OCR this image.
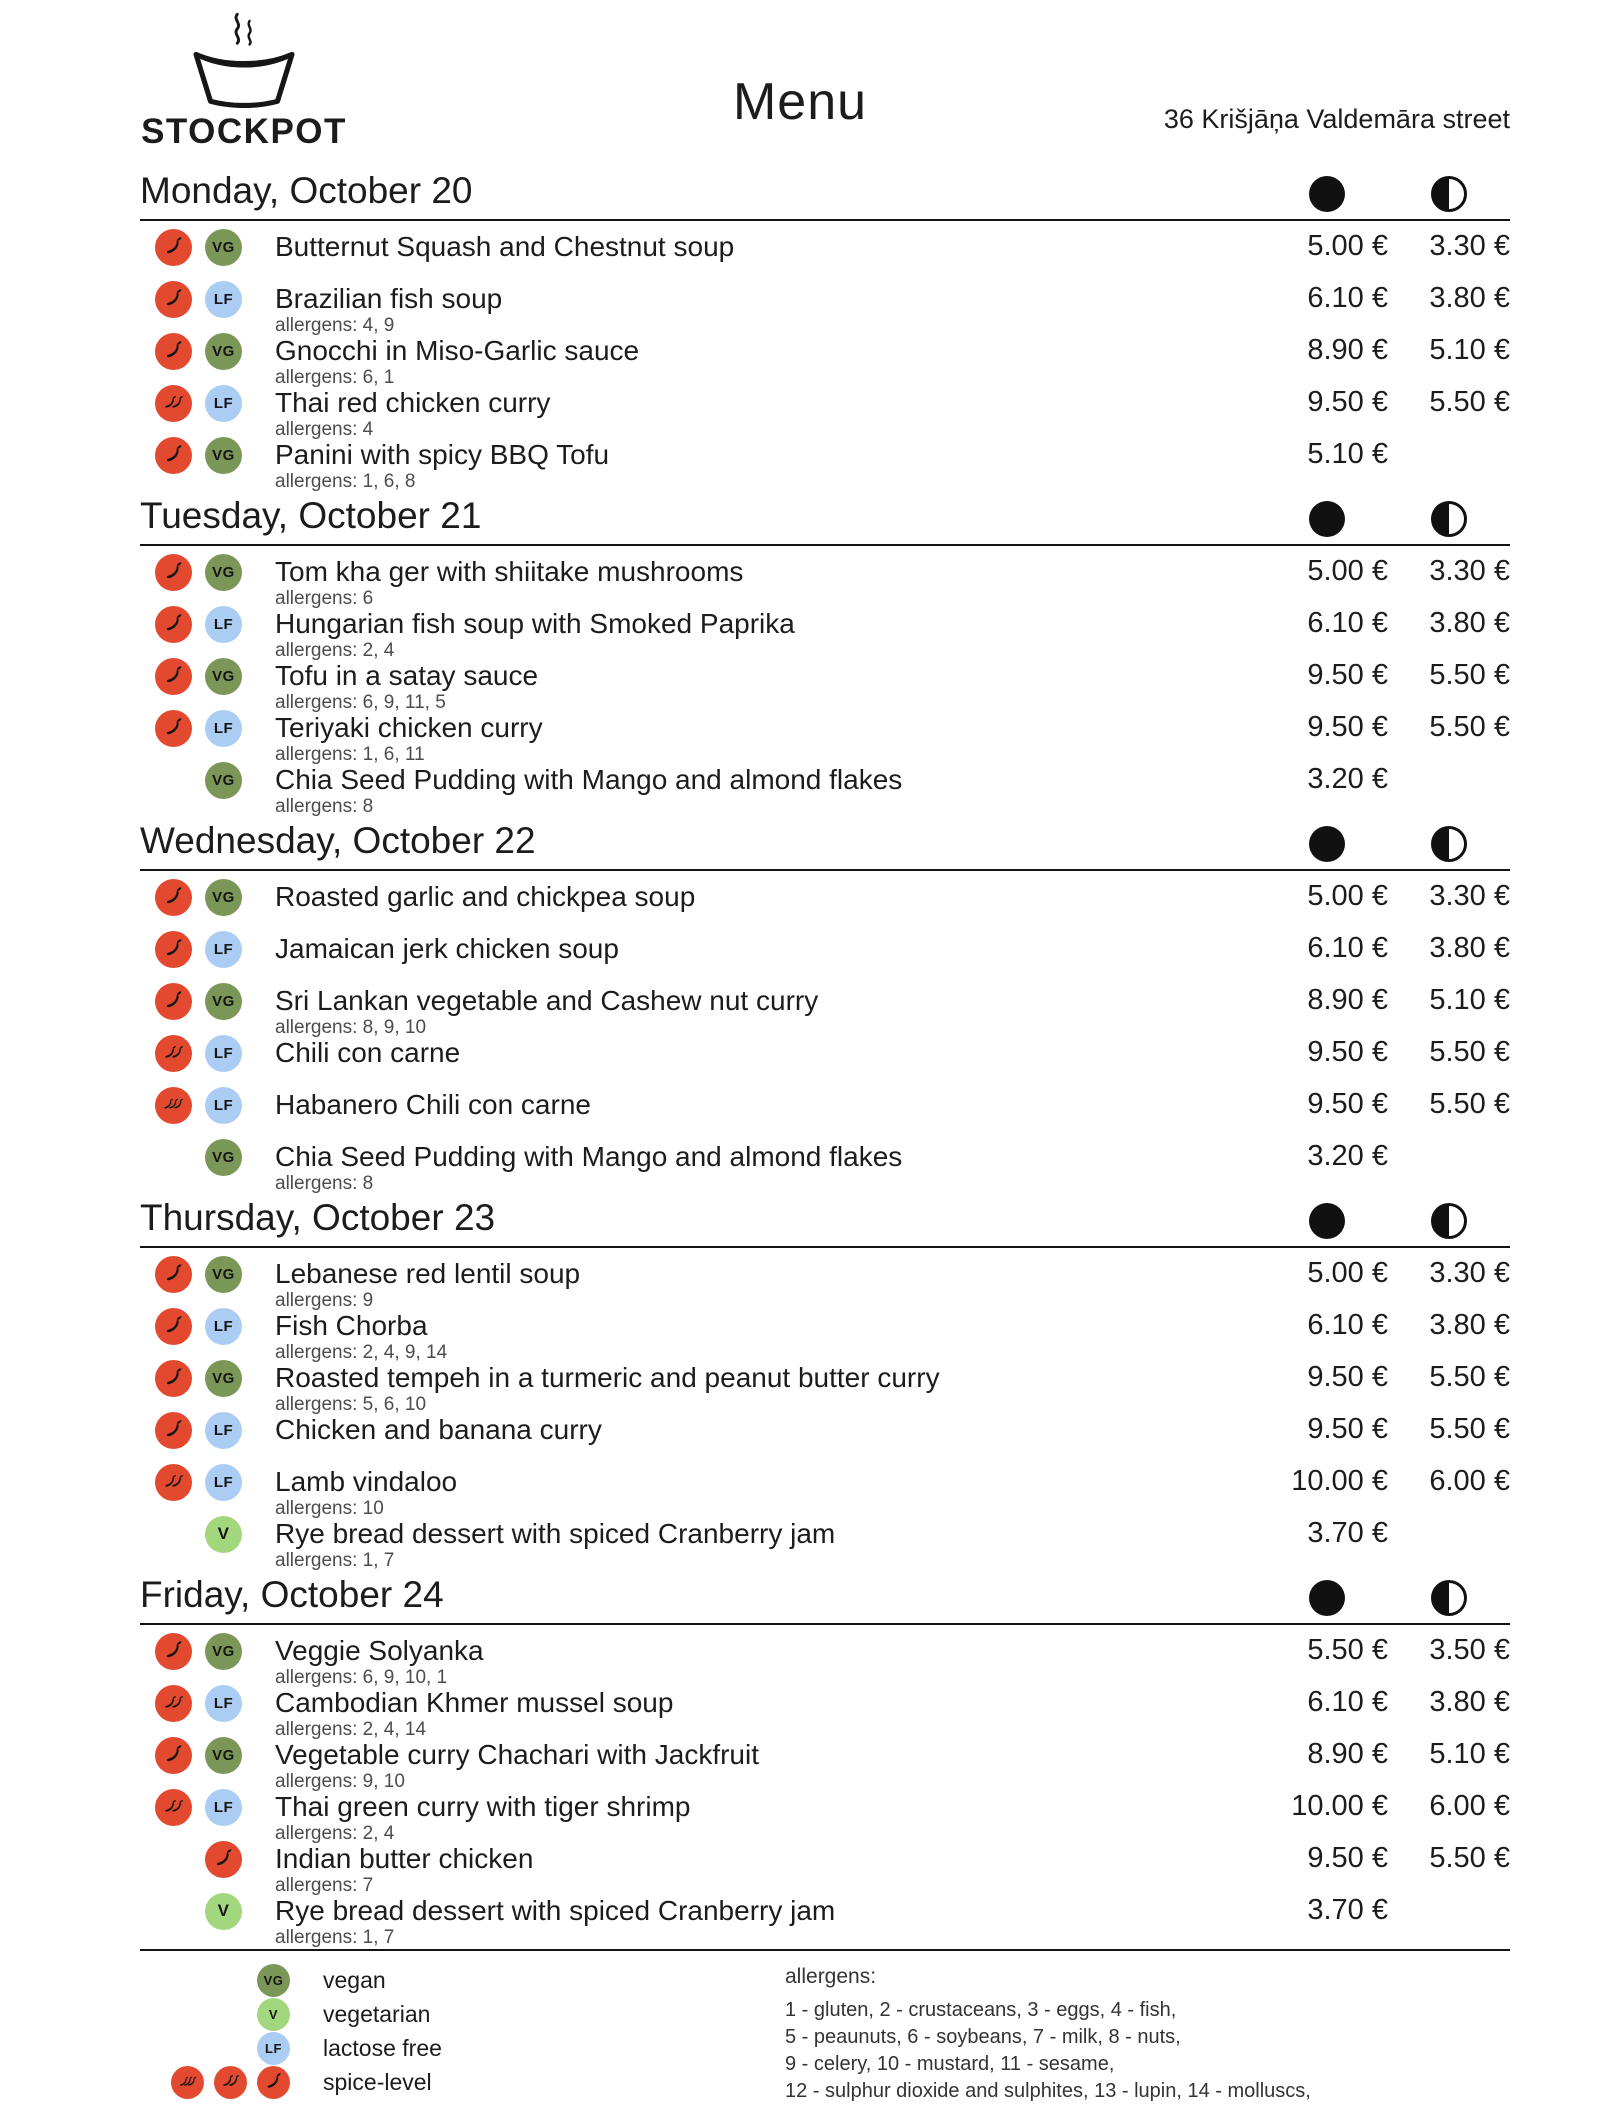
STOCKPOT
Menu	36 Krišjāņa Valdemāra street
Monday, October 20
VG Butternut Squash and Chestnut soup	5.00 €	3.30 €
LF	Brazilian fish soup
allergens: 4, 9
6.10 €	3.80 €
VG Gnocchi in Miso-Garlic sauce
allergens: 6, 1
8.90 €	5.10 €
LF	Thai red chicken curry
allergens: 4
9.50 €	5.50 €
VG Panini with spicy BBQ Tofu
allergens: 1, 6, 8
5.10 €
Tuesday, October 21
VG Tom kha ger with shiitake mushrooms
allergens: 6
5.00 €	3.30 €
LF	Hungarian fish soup with Smoked Paprika
allergens: 2, 4
6.10 €	3.80 €
VG Tofu in a satay sauce
allergens: 6, 9, 11, 5
9.50 €	5.50 €
LF	Teriyaki chicken curry
allergens: 1, 6, 11
9.50 €	5.50 €
VG Chia Seed Pudding with Mango and almond flakes
allergens: 8
3.20 €
Wednesday, October 22
VG Roasted garlic and chickpea soup	5.00 €	3.30 €
LF	Jamaican jerk chicken soup	6.10 €	3.80 €
VG Sri Lankan vegetable and Cashew nut curry
allergens: 8, 9, 10
8.90 €	5.10 €
LF	Chili con carne	9.50 €	5.50 €
LF	Habanero Chili con carne	9.50 €	5.50 €
VG Chia Seed Pudding with Mango and almond flakes
allergens: 8
3.20 €
Thursday, October 23
VG Lebanese red lentil soup
allergens: 9
5.00 €	3.30 €
LF	Fish Chorba
allergens: 2, 4, 9, 14
6.10 €	3.80 €
VG Roasted tempeh in a turmeric and peanut butter curry
allergens: 5, 6, 10
9.50 €	5.50 €
LF	Chicken and banana curry	9.50 €	5.50 €
LF	Lamb vindaloo
allergens: 10
10.00 €	6.00 €
V	Rye bread dessert with spiced Cranberry jam
allergens: 1, 7
3.70 €
Friday, October 24
VG Veggie Solyanka
allergens: 6, 9, 10, 1
5.50 €	3.50 €
LF	Cambodian Khmer mussel soup
allergens: 2, 4, 14
6.10 €	3.80 €
VG Vegetable curry Chachari with Jackfruit
allergens: 9, 10
8.90 €	5.10 €
LF	Thai green curry with tiger shrimp
allergens: 2, 4
10.00 €	6.00 €
Indian butter chicken
allergens: 7
9.50 €	5.50 €
V	Rye bread dessert with spiced Cranberry jam
allergens: 1, 7
3.70 €
VG vegan
V	vegetarian
LF	lactose free
spice-level
allergens:
1 - gluten, 2 - crustaceans, 3 - eggs, 4 - fish,
5 - peaunuts, 6 - soybeans, 7 - milk, 8 - nuts,
9 - celery, 10 - mustard, 11 - sesame,
12 - sulphur dioxide and sulphites, 13 - lupin, 14 - molluscs,
